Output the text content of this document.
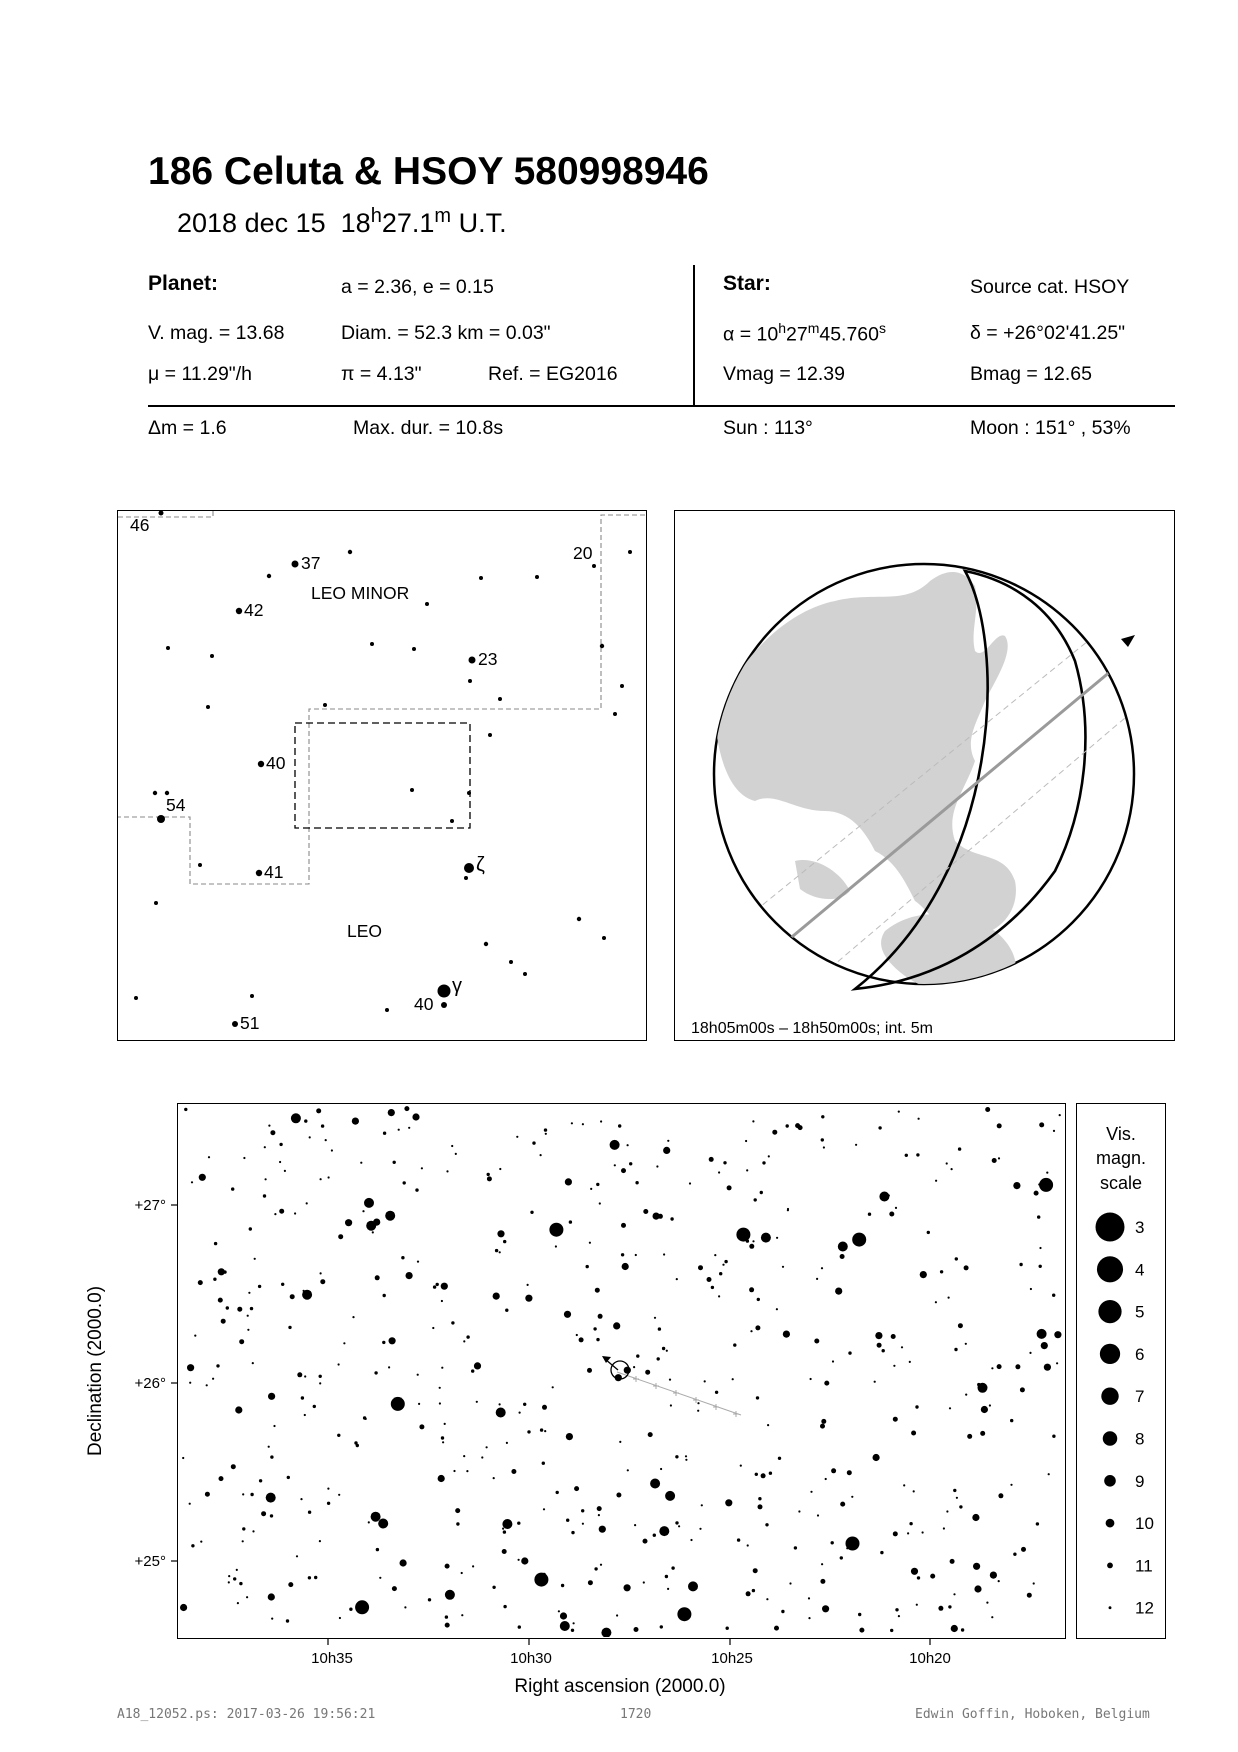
186 Celuta & HSOY 580998946
2018 dec 15 18$^h$27.1$^m$ U.T.
Planet:	a = 2.36, e = 0.15
V. mag. = 13.68	Diam. = 52.3 km = 0.03"
μ = 11.29"/h	π = 4.13"	Ref. = EG2016
Star:	Source cat. HSOY
$\alpha = 10^h27^m45.760^s$	δ = +26°02'41.25"
Vmag = 12.39	Bmag = 12.65
Δm = 1.6	Max. dur. = 10.8s	Sun : 113°	Moon : 151° , 53%
LEO MINOR
LEO
46
37
42
20
23
40
54
41	ζ
γ
40
51	18h05m00s – 18h50m00s; int. 5m
+27°
+26°
+25°
10h35	10h30	10h25	10h20
Right ascension (2000.0)
Declination (2000.0)
Vis.
magn.
scale
3
4
5
6
7
8
9
10
11
12
A18_12052.ps: 2017-03-26 19:56:21	1720	Edwin Goffin, Hoboken, Belgium
